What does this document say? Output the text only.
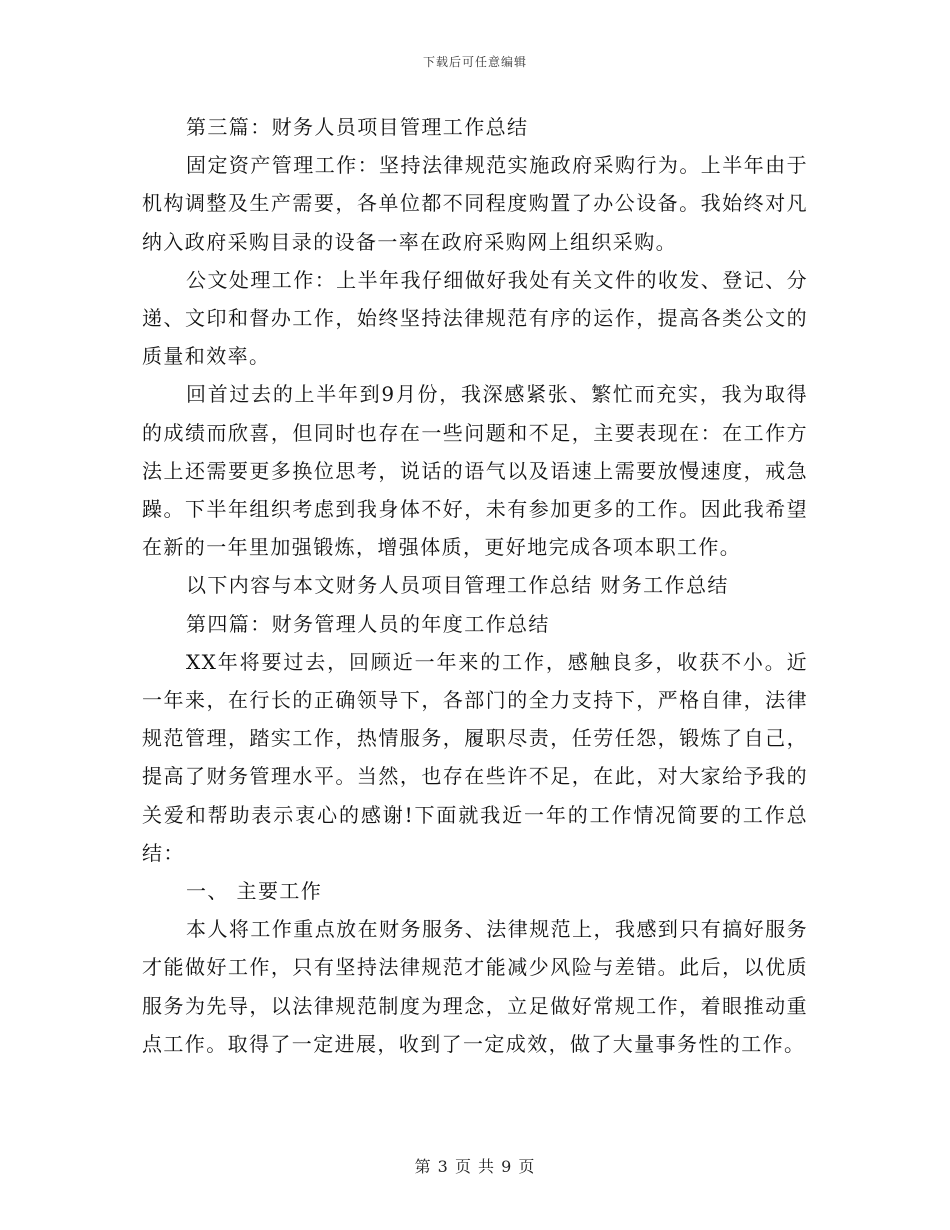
下载后可任意编辑

第三篇：财务人员项目管理工作总结

固定资产管理工作：坚持法律规范实施政府采购行为。上半年由于机构调整及生产需要，各单位都不同程度购置了办公设备。我始终对凡纳入政府采购目录的设备一率在政府采购网上组织采购。

公文处理工作：上半年我仔细做好我处有关文件的收发、登记、分递、文印和督办工作，始终坚持法律规范有序的运作，提高各类公文的质量和效率。

回首过去的上半年到9月份，我深感紧张、繁忙而充实，我为取得的成绩而欣喜，但同时也存在一些问题和不足，主要表现在：在工作方法上还需要更多换位思考，说话的语气以及语速上需要放慢速度，戒急躁。下半年组织考虑到我身体不好，未有参加更多的工作。因此我希望在新的一年里加强锻炼，增强体质，更好地完成各项本职工作。

以下内容与本文财务人员项目管理工作总结 财务工作总结

第四篇：财务管理人员的年度工作总结

XX年将要过去，回顾近一年来的工作，感触良多，收获不小。近一年来，在行长的正确领导下，各部门的全力支持下，严格自律，法律规范管理，踏实工作，热情服务，履职尽责，任劳任怨，锻炼了自己，提高了财务管理水平。当然，也存在些许不足，在此，对大家给予我的关爱和帮助表示衷心的感谢!下面就我近一年的工作情况简要的工作总结：

一、 主要工作

本人将工作重点放在财务服务、法律规范上，我感到只有搞好服务才能做好工作，只有坚持法律规范才能减少风险与差错。此后，以优质服务为先导，以法律规范制度为理念，立足做好常规工作，着眼推动重点工作。取得了一定进展，收到了一定成效，做了大量事务性的工作。

第 3 页 共 9 页
